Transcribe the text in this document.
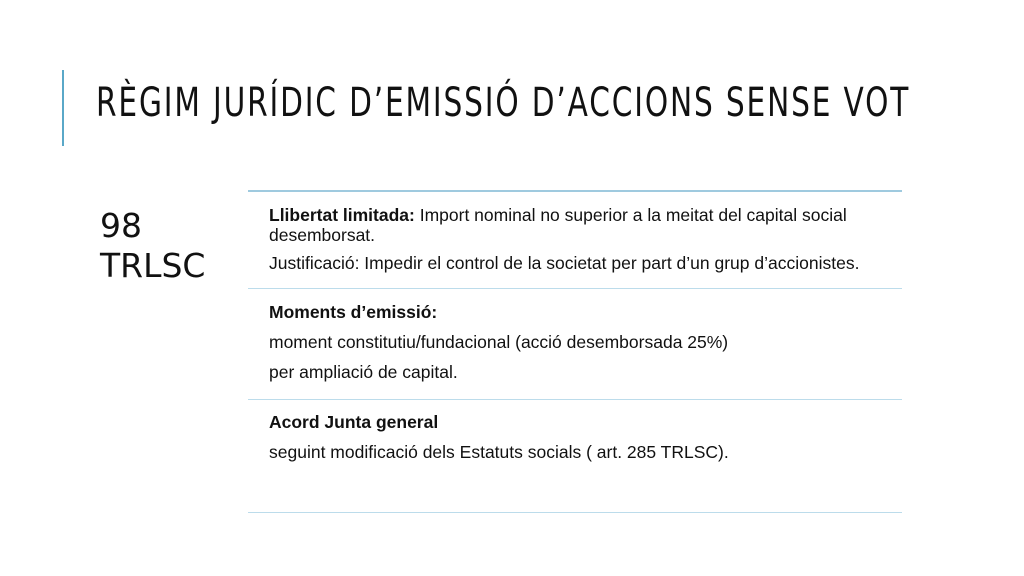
RÈGIM JURÍDIC D’EMISSIÓ D’ACCIONS SENSE VOT
98
TRLSC

Llibertat limitada: Import nominal no superior a la meitat del capital social desemborsat.

Justificació: Impedir el control de la societat per part d’un grup d’accionistes.

Moments d’emissió:

moment constitutiu/fundacional (acció desemborsada 25%)

per ampliació de capital.

Acord Junta general

seguint modificació dels Estatuts socials ( art. 285 TRLSC).
